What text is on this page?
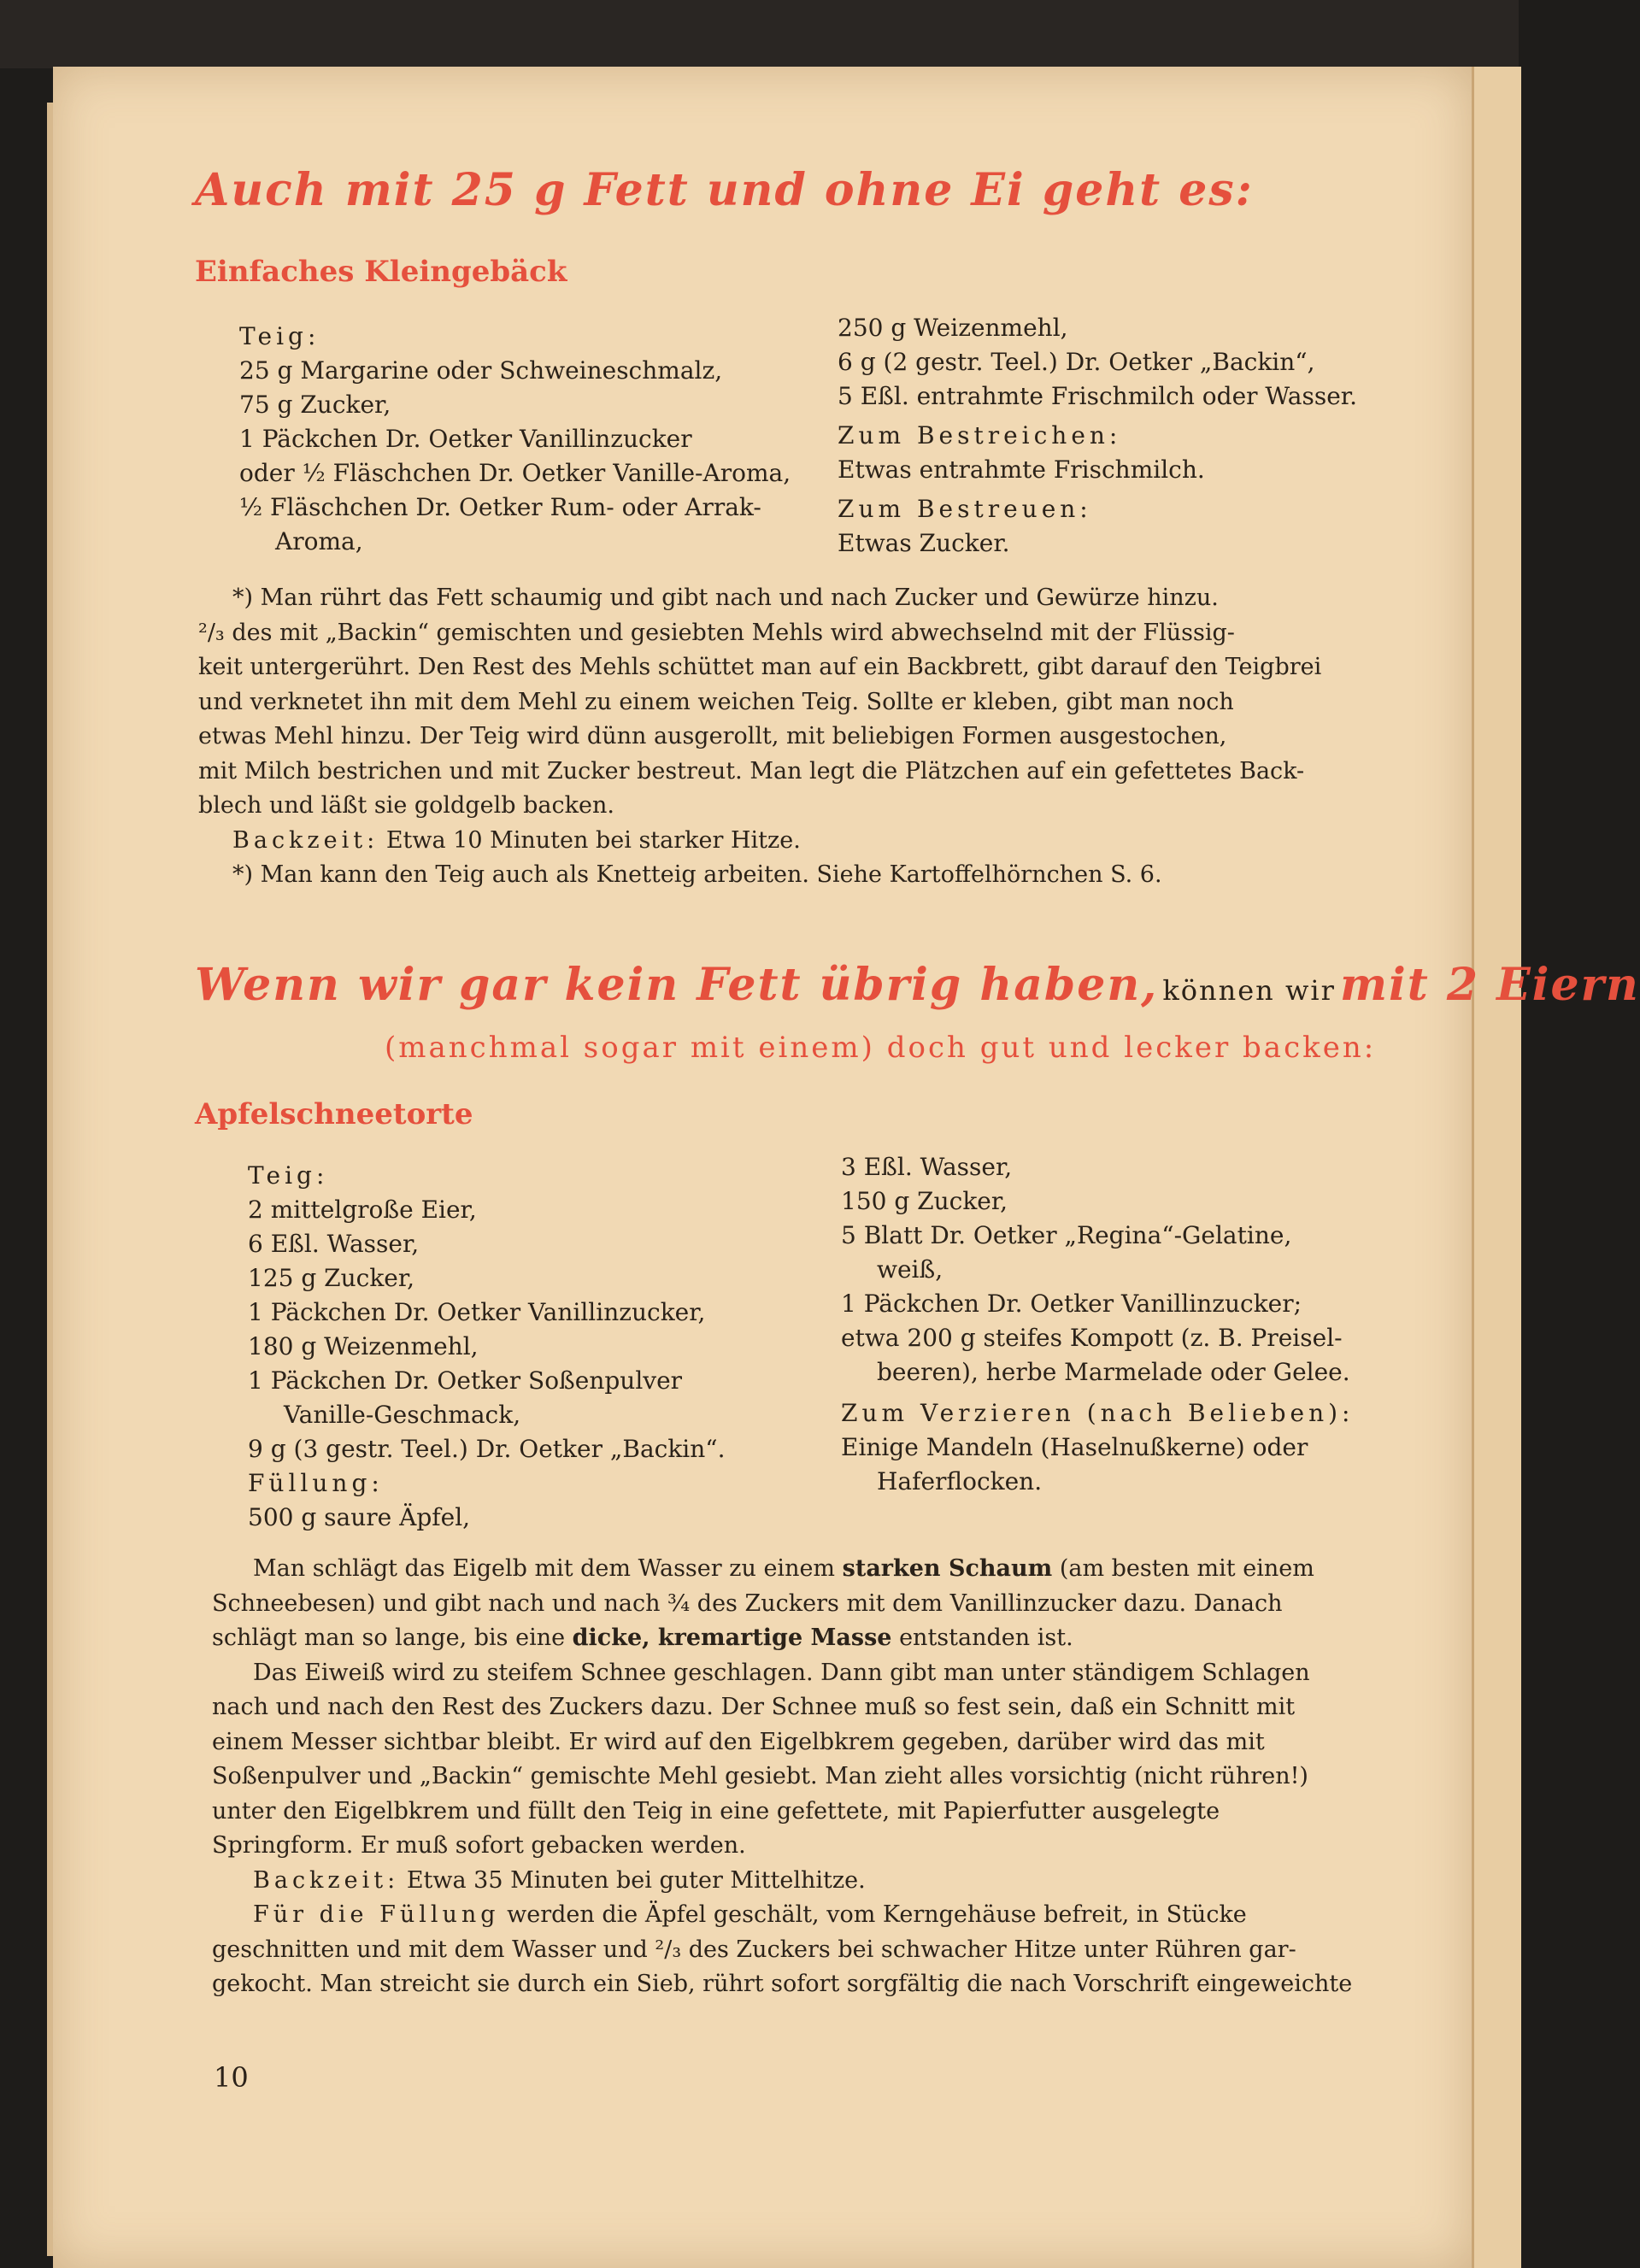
Auch mit 25 g Fett und ohne Ei geht es:
Einfaches Kleingebäck
Teig:
25 g Margarine oder Schweineschmalz,
75 g Zucker,
1 Päckchen Dr. Oetker Vanillinzucker
oder ½ Fläschchen Dr. Oetker Vanille-Aroma,
½ Fläschchen Dr. Oetker Rum- oder Arrak-
Aroma,
250 g Weizenmehl,
6 g (2 gestr. Teel.) Dr. Oetker „Backin“,
5 Eßl. entrahmte Frischmilch oder Wasser.
Zum Bestreichen:
Etwas entrahmte Frischmilch.
Zum Bestreuen:
Etwas Zucker.
*) Man rührt das Fett schaumig und gibt nach und nach Zucker und Gewürze hinzu.
²/₃ des mit „Backin“ gemischten und gesiebten Mehls wird abwechselnd mit der Flüssig-
keit untergerührt. Den Rest des Mehls schüttet man auf ein Backbrett, gibt darauf den Teigbrei
und verknetet ihn mit dem Mehl zu einem weichen Teig. Sollte er kleben, gibt man noch
etwas Mehl hinzu. Der Teig wird dünn ausgerollt, mit beliebigen Formen ausgestochen,
mit Milch bestrichen und mit Zucker bestreut. Man legt die Plätzchen auf ein gefettetes Back-
blech und läßt sie goldgelb backen.
Backzeit: Etwa 10 Minuten bei starker Hitze.
*) Man kann den Teig auch als Knetteig arbeiten. Siehe Kartoffelhörnchen S. 6.
Wenn wir gar kein Fett übrig haben, können wir mit 2 Eiern
(manchmal sogar mit einem) doch gut und lecker backen:
Apfelschneetorte
Teig:
2 mittelgroße Eier,
6 Eßl. Wasser,
125 g Zucker,
1 Päckchen Dr. Oetker Vanillinzucker,
180 g Weizenmehl,
1 Päckchen Dr. Oetker Soßenpulver
Vanille-Geschmack,
9 g (3 gestr. Teel.) Dr. Oetker „Backin“.
Füllung:
500 g saure Äpfel,
3 Eßl. Wasser,
150 g Zucker,
5 Blatt Dr. Oetker „Regina“-Gelatine,
weiß,
1 Päckchen Dr. Oetker Vanillinzucker;
etwa 200 g steifes Kompott (z. B. Preisel-
beeren), herbe Marmelade oder Gelee.
Zum Verzieren (nach Belieben):
Einige Mandeln (Haselnußkerne) oder
Haferflocken.
Man schlägt das Eigelb mit dem Wasser zu einem starken Schaum (am besten mit einem
Schneebesen) und gibt nach und nach ¾ des Zuckers mit dem Vanillinzucker dazu. Danach
schlägt man so lange, bis eine dicke, kremartige Masse entstanden ist.
Das Eiweiß wird zu steifem Schnee geschlagen. Dann gibt man unter ständigem Schlagen
nach und nach den Rest des Zuckers dazu. Der Schnee muß so fest sein, daß ein Schnitt mit
einem Messer sichtbar bleibt. Er wird auf den Eigelbkrem gegeben, darüber wird das mit
Soßenpulver und „Backin“ gemischte Mehl gesiebt. Man zieht alles vorsichtig (nicht rühren!)
unter den Eigelbkrem und füllt den Teig in eine gefettete, mit Papierfutter ausgelegte
Springform. Er muß sofort gebacken werden.
Backzeit: Etwa 35 Minuten bei guter Mittelhitze.
Für die Füllung werden die Äpfel geschält, vom Kerngehäuse befreit, in Stücke
geschnitten und mit dem Wasser und ²/₃ des Zuckers bei schwacher Hitze unter Rühren gar-
gekocht. Man streicht sie durch ein Sieb, rührt sofort sorgfältig die nach Vorschrift eingeweichte
10
